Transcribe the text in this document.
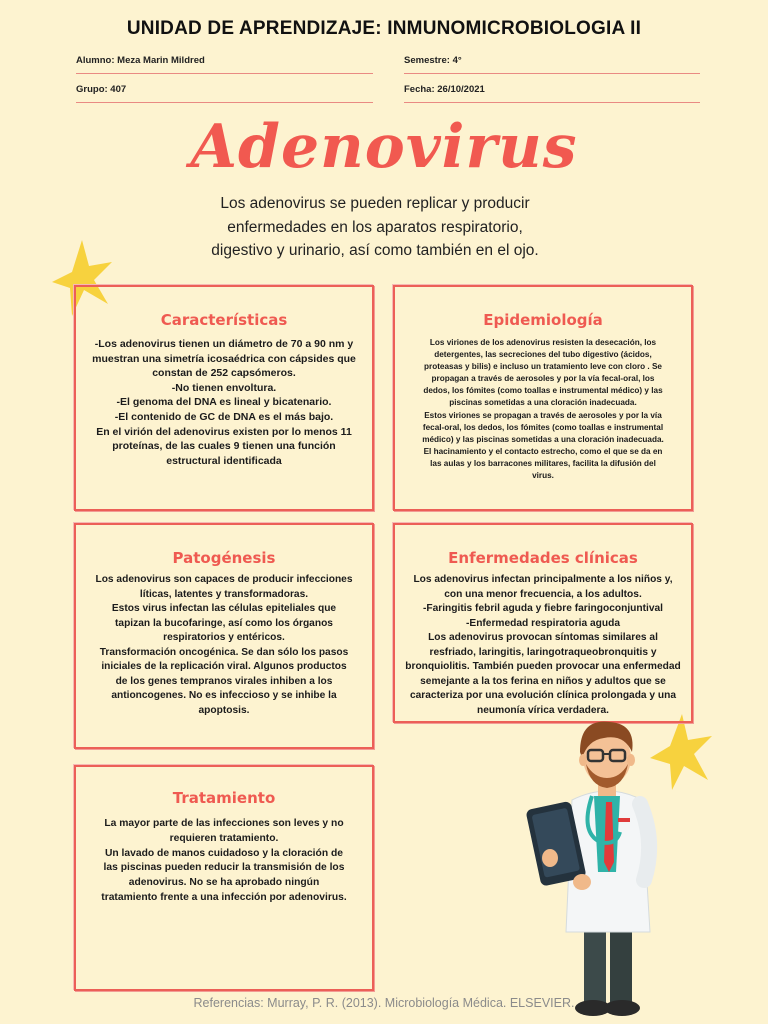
UNIDAD DE APRENDIZAJE: INMUNOMICROBIOLOGIA II
Alumno: Meza Marin Mildred	Semestre: 4°
Grupo: 407	Fecha: 26/10/2021
Adenovirus
Los adenovirus se pueden replicar y producir enfermedades en los aparatos respiratorio, digestivo y urinario, así como también en el ojo.
Características

-Los adenovirus tienen un diámetro de 70 a 90 nm y muestran una simetría icosaédrica con cápsides que constan de 252 capsómeros.
-No tienen envoltura.
-El genoma del DNA es lineal y bicatenario.
-El contenido de GC de DNA es el más bajo.
En el virión del adenovirus existen por lo menos 11 proteínas, de las cuales 9 tienen una función estructural identificada

Epidemiología

Los viriones de los adenovirus resisten la desecación, los detergentes, las secreciones del tubo digestivo (ácidos, proteasas y bilis) e incluso un tratamiento leve con cloro . Se propagan a través de aerosoles y por la vía fecal-oral, los dedos, los fómites (como toallas e instrumental médico) y las piscinas sometidas a una cloración inadecuada.
Estos viriones se propagan a través de aerosoles y por la vía fecal-oral, los dedos, los fómites (como toallas e instrumental médico) y las piscinas sometidas a una cloración inadecuada. El hacinamiento y el contacto estrecho, como el que se da en las aulas y los barracones militares, facilita la difusión del virus.

Patogénesis

Los adenovirus son capaces de producir infecciones líticas, latentes y transformadoras.
Estos virus infectan las células epiteliales que tapizan la bucofaringe, así como los órganos respiratorios y entéricos.
Transformación oncogénica. Se dan sólo los pasos iniciales de la replicación viral. Algunos productos de los genes tempranos virales inhiben a los antioncogenes. No es infeccioso y se inhibe la apoptosis.

Enfermedades clínicas

Los adenovirus infectan principalmente a los niños y, con una menor frecuencia, a los adultos.
-Faringitis febril aguda y fiebre faringoconjuntival
-Enfermedad respiratoria aguda
Los adenovirus provocan síntomas similares al resfriado, laringitis, laringotraqueobronquitis y bronquiolitis. También pueden provocar una enfermedad semejante a la tos ferina en niños y adultos que se caracteriza por una evolución clínica prolongada y una neumonía vírica verdadera.

Tratamiento

La mayor parte de las infecciones son leves y no requieren tratamiento.
Un lavado de manos cuidadoso y la cloración de las piscinas pueden reducir la transmisión de los adenovirus. No se ha aprobado ningún tratamiento frente a una infección por adenovirus.

Referencias: Murray, P. R. (2013). Microbiología Médica. ELSEVIER.
